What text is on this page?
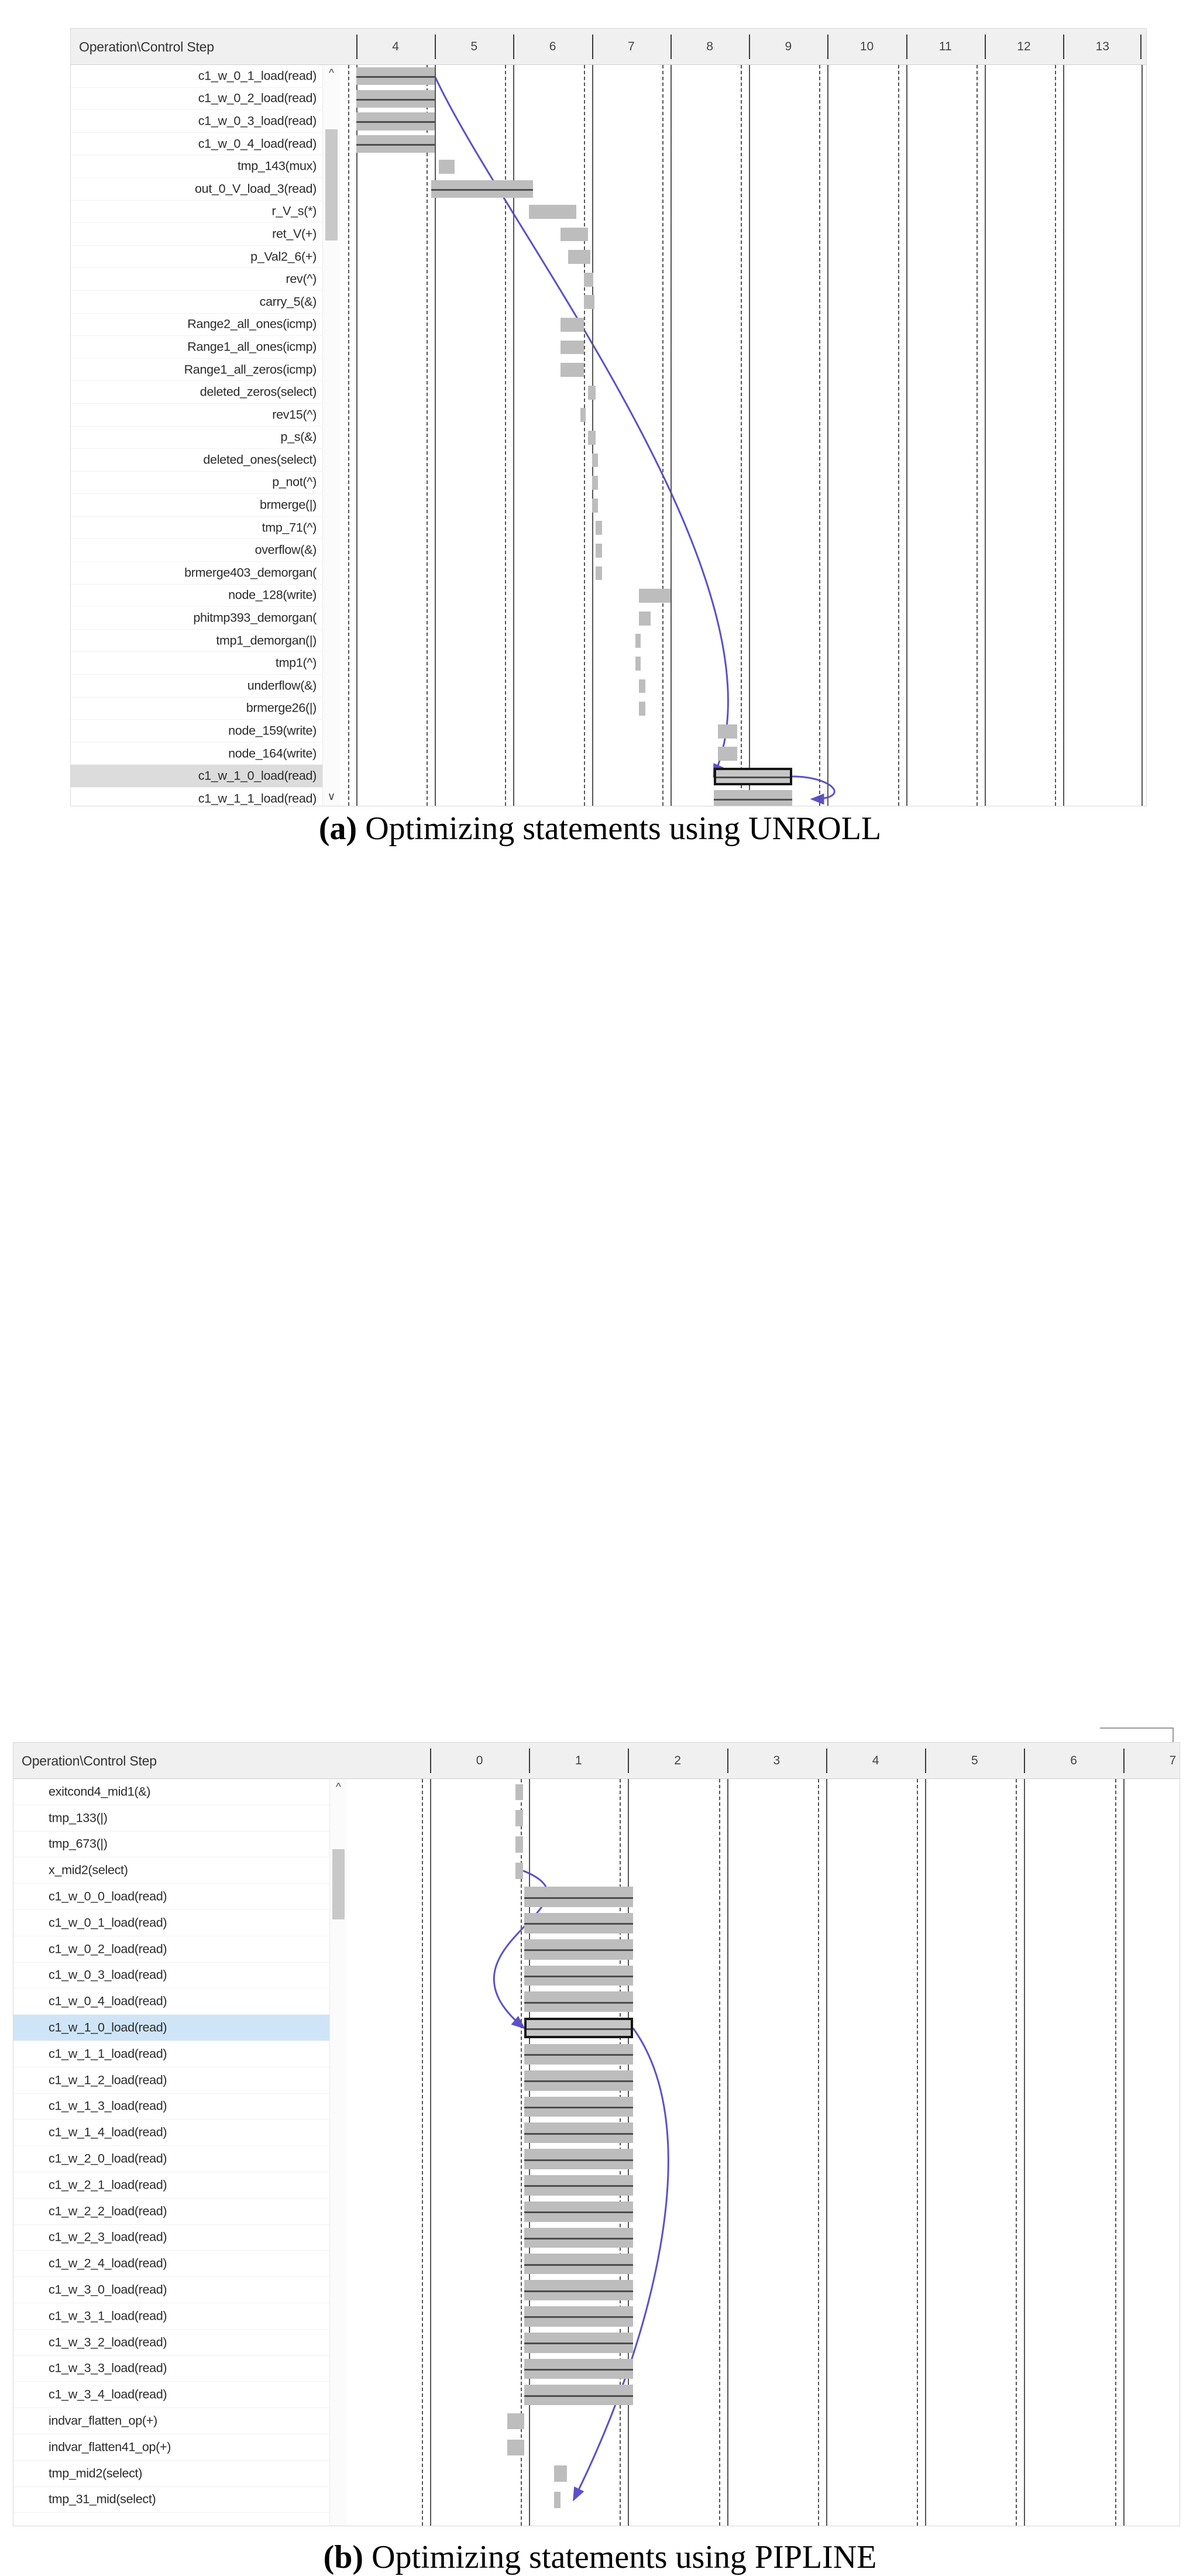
Operation\Control Step	4	5	6	7	8	9	10	11	12	13
c1_w_0_1_load(read)
c1_w_0_2_load(read)
c1_w_0_3_load(read)
c1_w_0_4_load(read)
tmp_143(mux)
out_0_V_load_3(read)
r_V_s(*)
ret_V(+)
p_Val2_6(+)
rev(^)
carry_5(&)
Range2_all_ones(icmp)
Range1_all_ones(icmp)
Range1_all_zeros(icmp)
deleted_zeros(select)
rev15(^)
p_s(&)
deleted_ones(select)
p_not(^)
brmerge(|)
tmp_71(^)
overflow(&)
brmerge403_demorgan(
node_128(write)
phitmp393_demorgan(
tmp1_demorgan(|)
tmp1(^)
underflow(&)
brmerge26(|)
node_159(write)
node_164(write)
c1_w_1_0_load(read)
c1_w_1_1_load(read)
^
∨
(a) Optimizing statements using UNROLL
Operation\Control Step	0	1	2	3	4	5	6	7
exitcond4_mid1(&)
tmp_133(|)
tmp_673(|)
x_mid2(select)
c1_w_0_0_load(read)
c1_w_0_1_load(read)
c1_w_0_2_load(read)
c1_w_0_3_load(read)
c1_w_0_4_load(read)
c1_w_1_0_load(read)
c1_w_1_1_load(read)
c1_w_1_2_load(read)
c1_w_1_3_load(read)
c1_w_1_4_load(read)
c1_w_2_0_load(read)
c1_w_2_1_load(read)
c1_w_2_2_load(read)
c1_w_2_3_load(read)
c1_w_2_4_load(read)
c1_w_3_0_load(read)
c1_w_3_1_load(read)
c1_w_3_2_load(read)
c1_w_3_3_load(read)
c1_w_3_4_load(read)
indvar_flatten_op(+)
indvar_flatten41_op(+)
tmp_mid2(select)
tmp_31_mid(select)
^
(b) Optimizing statements using PIPLINE
